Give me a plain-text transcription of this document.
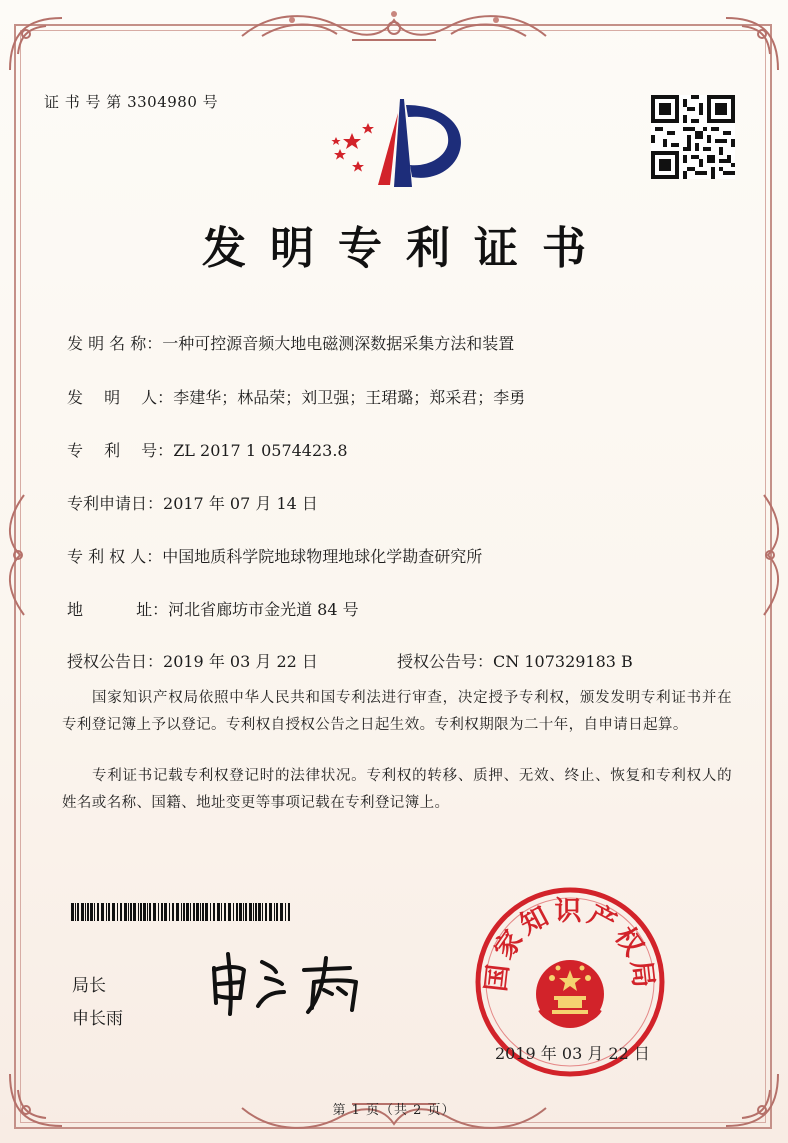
证 书 号 第 3304980 号
发明专利证书
发 明 名 称：一种可控源音频大地电磁测深数据采集方法和装置
发　 明　 人：李建华；林品荣；刘卫强；王珺璐；郑采君；李勇
专　 利　 号：ZL 2017 1 0574423.8
专利申请日：2017 年 07 月 14 日
专 利 权 人：中国地质科学院地球物理地球化学勘查研究所
地　　　 址：河北省廊坊市金光道 84 号
授权公告日：2019 年 03 月 22 日	授权公告号：CN 107329183 B
国家知识产权局依照中华人民共和国专利法进行审查，决定授予专利权，颁发发明专利证书并在专利登记簿上予以登记。专利权自授权公告之日起生效。专利权期限为二十年，自申请日起算。
专利证书记载专利权登记时的法律状况。专利权的转移、质押、无效、终止、恢复和专利权人的姓名或名称、国籍、地址变更等事项记载在专利登记簿上。
局长
申长雨
国家知识产权局
2019 年 03 月 22 日
第 1 页（共 2 页）
